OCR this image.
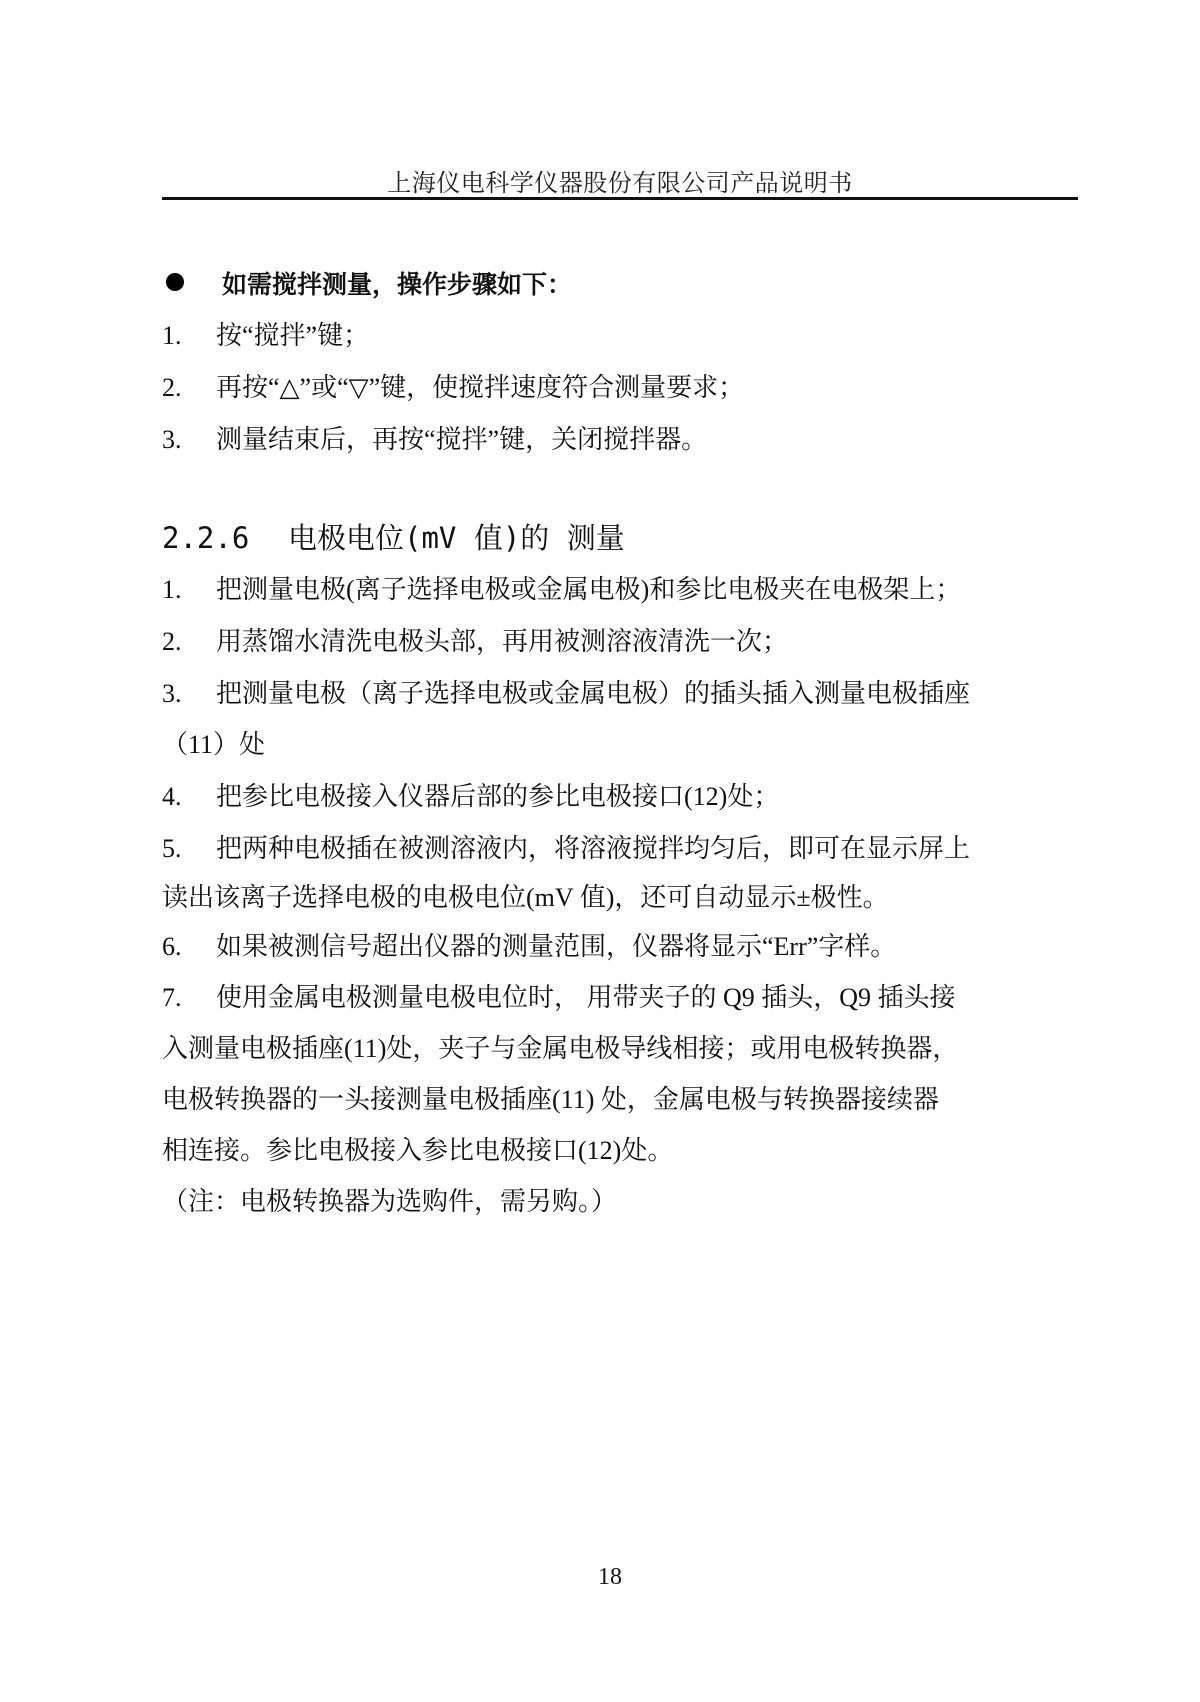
上海仪电科学仪器股份有限公司产品说明书
如需搅拌测量，操作步骤如下：
1. 按“搅拌”键；
2. 再按“△”或“▽”键，使搅拌速度符合测量要求；
3. 测量结束后，再按“搅拌”键，关闭搅拌器。
2.2.6 电极电位(mV 值)的 测量
1. 把测量电极(离子选择电极或金属电极)和参比电极夹在电极架上；
2. 用蒸馏水清洗电极头部，再用被测溶液清洗一次；
3. 把测量电极（离子选择电极或金属电极）的插头插入测量电极插座
（11）处
4. 把参比电极接入仪器后部的参比电极接口(12)处；
5. 把两种电极插在被测溶液内，将溶液搅拌均匀后，即可在显示屏上
读出该离子选择电极的电极电位(mV 值)，还可自动显示±极性。
6. 如果被测信号超出仪器的测量范围，仪器将显示“Err”字样。
7. 使用金属电极测量电极电位时， 用带夹子的 Q9 插头，Q9 插头接
入测量电极插座(11)处，夹子与金属电极导线相接；或用电极转换器，
电极转换器的一头接测量电极插座(11) 处，金属电极与转换器接续器
相连接。参比电极接入参比电极接口(12)处。
（注：电极转换器为选购件，需另购。）
18
